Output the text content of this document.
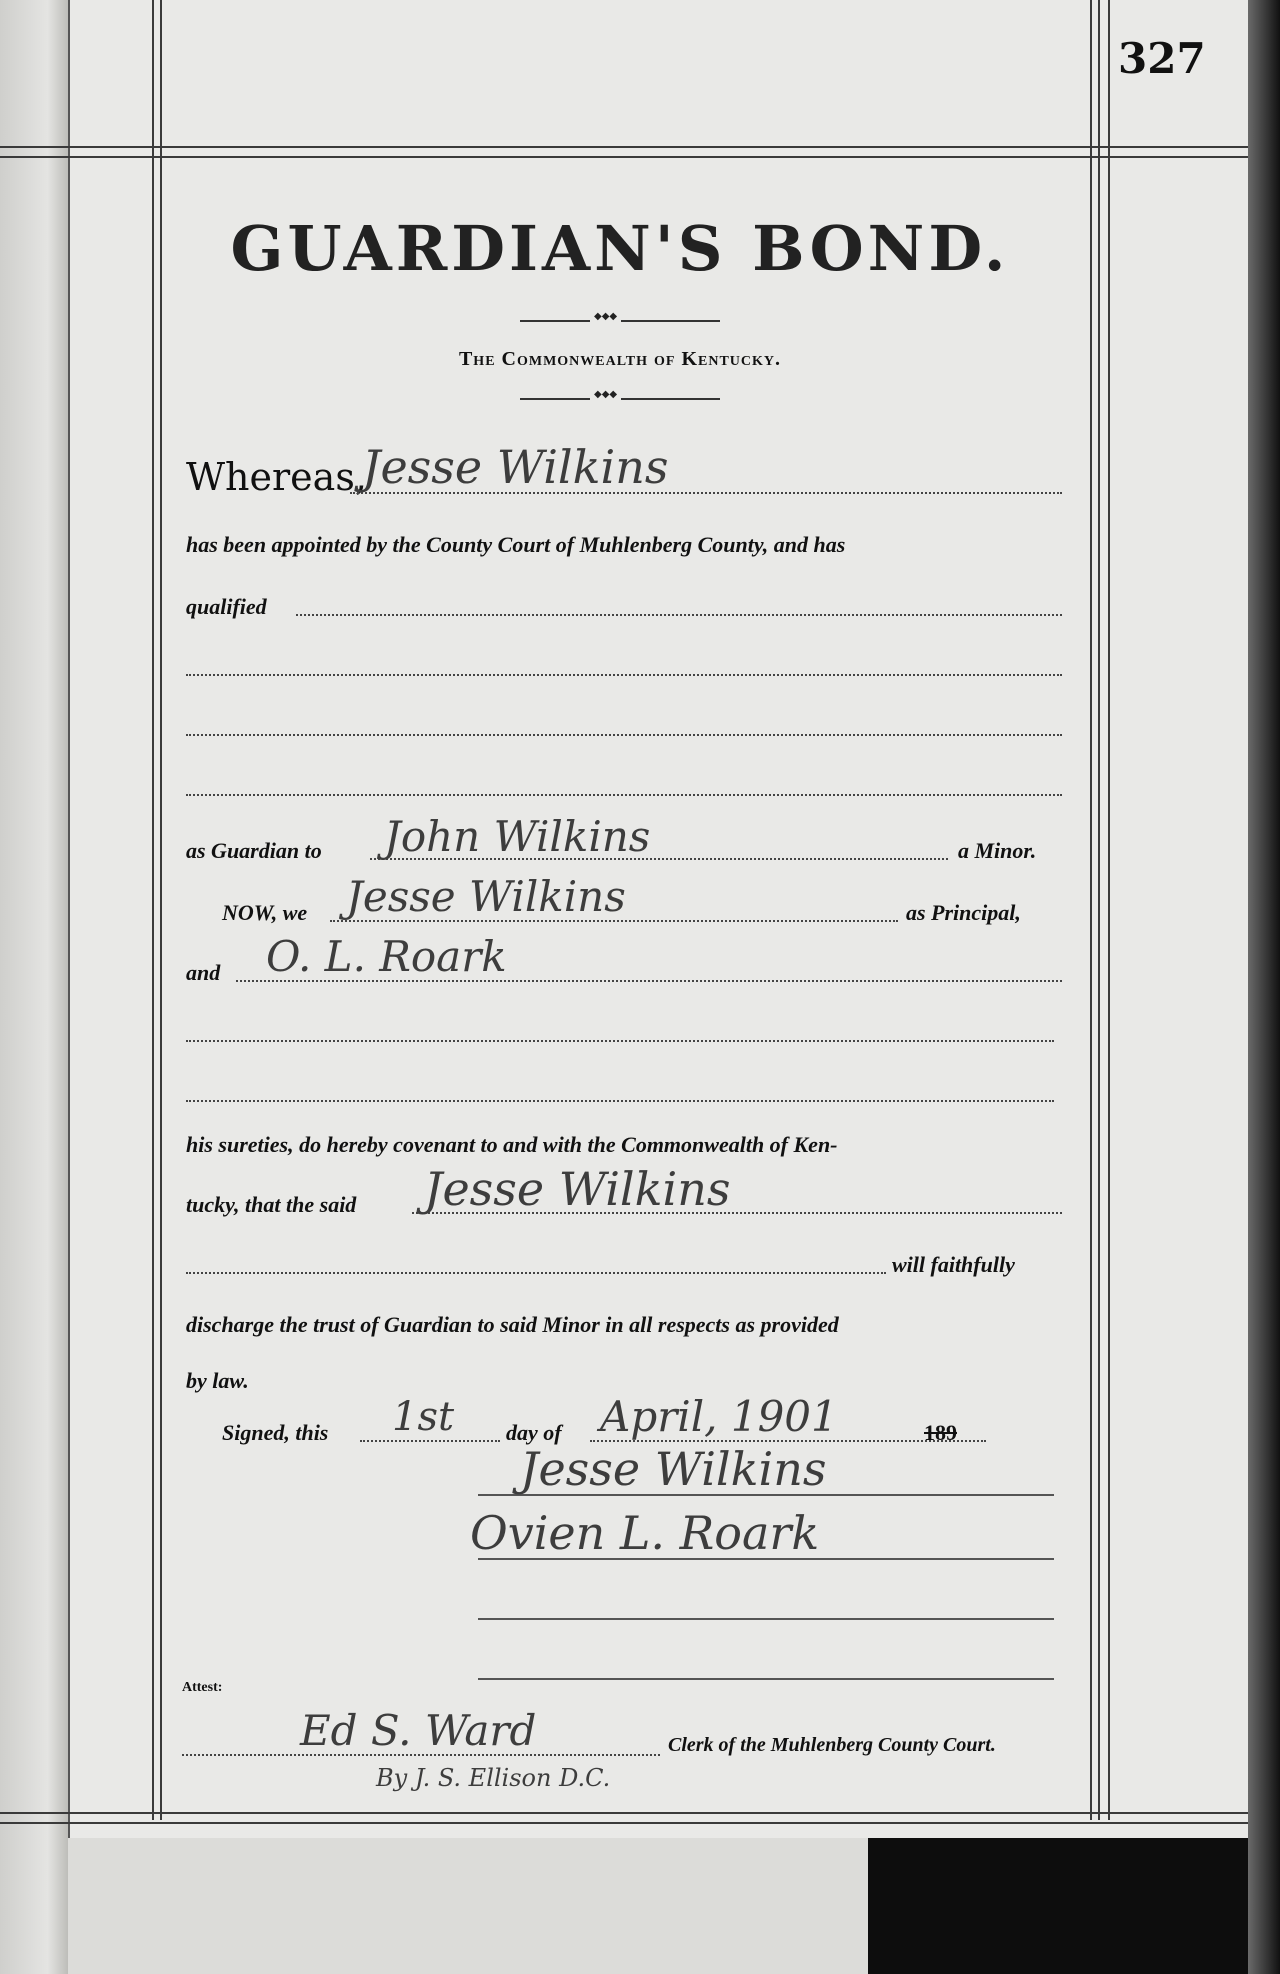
327
GUARDIAN'S BOND.
◆◆◆
The Commonwealth of Kentucky.
◆◆◆
Whereas,
Jesse Wilkins
has been appointed by the County Court of Muhlenberg County, and has
qualified
as Guardian to John Wilkins	a Minor.
NOW, we Jesse Wilkins	as Principal,
and O. L. Roark
his sureties, do hereby covenant to and with the Commonwealth of Ken-
tucky, that the said Jesse Wilkins
will faithfully
discharge the trust of Guardian to said Minor in all respects as provided
by law.
Signed, this 1st day of April, 1901	189
Jesse Wilkins
Ovien L. Roark
Attest:
Ed S. Ward	Clerk of the Muhlenberg County Court.
By J. S. Ellison D.C.
